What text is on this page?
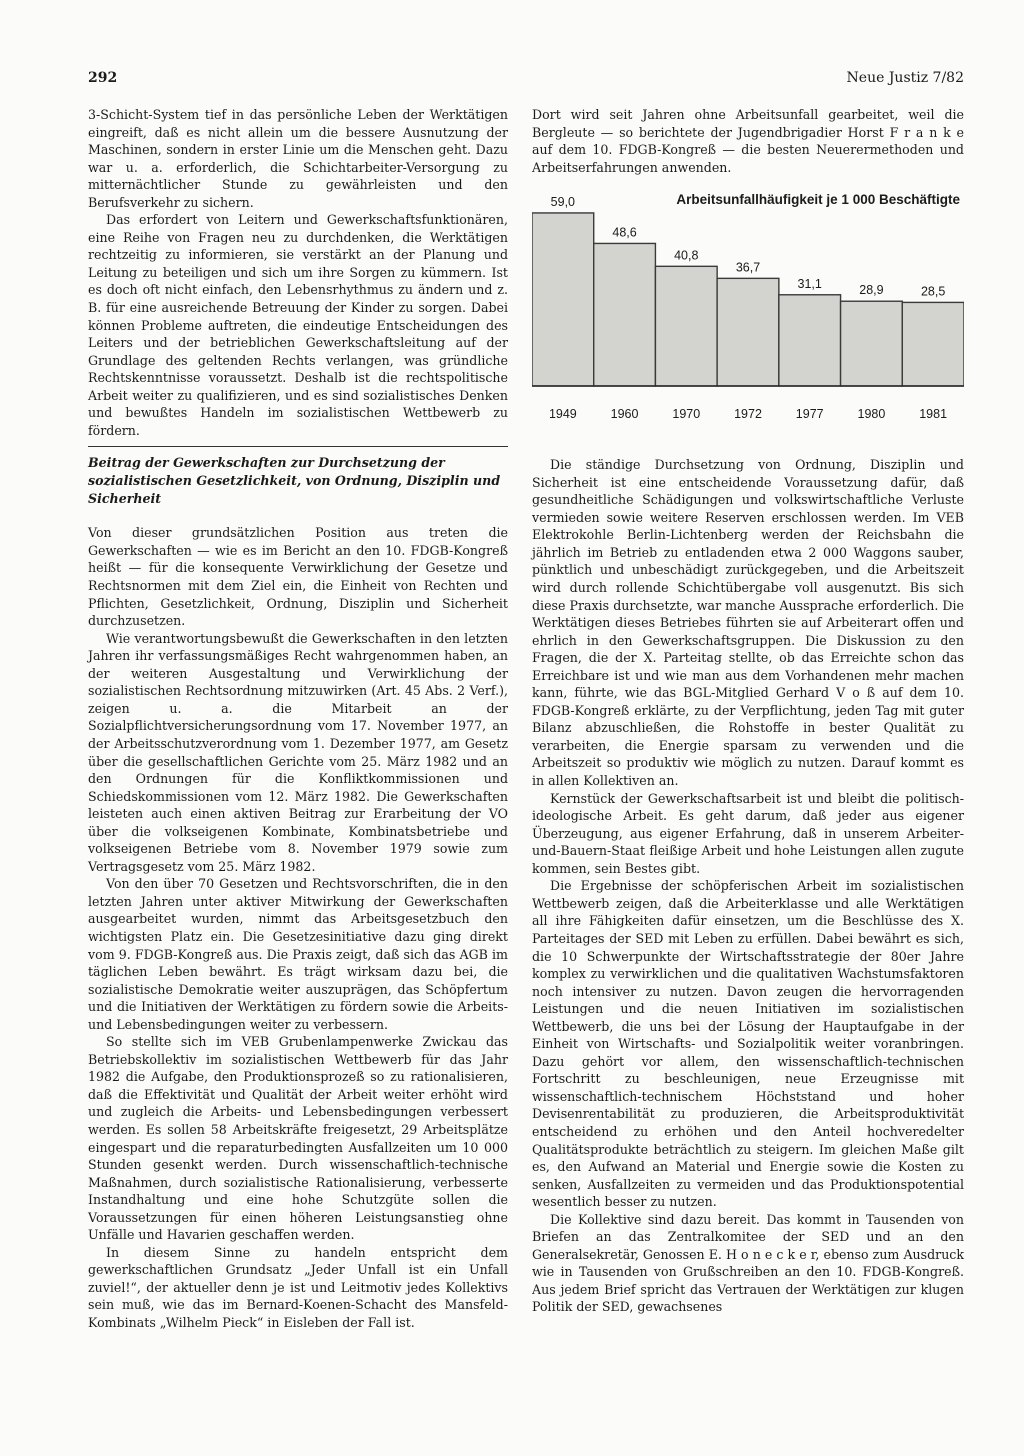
292	Neue Justiz 7/82

3-Schicht-System tief in das persönliche Leben der Werktätigen eingreift, daß es nicht allein um die bessere Ausnutzung der Maschinen, sondern in erster Linie um die Menschen geht. Dazu war u. a. erforderlich, die Schichtarbeiter-Versorgung zu mitternächtlicher Stunde zu gewährleisten und den Berufsverkehr zu sichern.

Das erfordert von Leitern und Gewerkschaftsfunktionären, eine Reihe von Fragen neu zu durchdenken, die Werktätigen rechtzeitig zu informieren, sie verstärkt an der Planung und Leitung zu beteiligen und sich um ihre Sorgen zu kümmern. Ist es doch oft nicht einfach, den Lebensrhythmus zu ändern und z. B. für eine ausreichende Betreuung der Kinder zu sorgen. Dabei können Probleme auftreten, die eindeutige Entscheidungen des Leiters und der betrieblichen Gewerkschaftsleitung auf der Grundlage des geltenden Rechts verlangen, was gründliche Rechtskenntnisse voraussetzt. Deshalb ist die rechtspolitische Arbeit weiter zu qualifizieren, und es sind sozialistisches Denken und bewußtes Handeln im sozialistischen Wettbewerb zu fördern.

Beitrag der Gewerkschaften zur Durchsetzung der sozialistischen Gesetzlichkeit, von Ordnung, Disziplin und Sicherheit

Von dieser grundsätzlichen Position aus treten die Gewerkschaften — wie es im Bericht an den 10. FDGB-Kongreß heißt — für die konsequente Verwirklichung der Gesetze und Rechtsnormen mit dem Ziel ein, die Einheit von Rechten und Pflichten, Gesetzlichkeit, Ordnung, Disziplin und Sicherheit durchzusetzen.

Wie verantwortungsbewußt die Gewerkschaften in den letzten Jahren ihr verfassungsmäßiges Recht wahrgenommen haben, an der weiteren Ausgestaltung und Verwirklichung der sozialistischen Rechtsordnung mitzuwirken (Art. 45 Abs. 2 Verf.), zeigen u. a. die Mitarbeit an der Sozialpflichtversicherungsordnung vom 17. November 1977, an der Arbeitsschutzverordnung vom 1. Dezember 1977, am Gesetz über die gesellschaftlichen Gerichte vom 25. März 1982 und an den Ordnungen für die Konfliktkommissionen und Schiedskommissionen vom 12. März 1982. Die Gewerkschaften leisteten auch einen aktiven Beitrag zur Erarbeitung der VO über die volkseigenen Kombinate, Kombinatsbetriebe und volkseigenen Betriebe vom 8. November 1979 sowie zum Vertragsgesetz vom 25. März 1982.

Von den über 70 Gesetzen und Rechtsvorschriften, die in den letzten Jahren unter aktiver Mitwirkung der Gewerkschaften ausgearbeitet wurden, nimmt das Arbeitsgesetzbuch den wichtigsten Platz ein. Die Gesetzesinitiative dazu ging direkt vom 9. FDGB-Kongreß aus. Die Praxis zeigt, daß sich das AGB im täglichen Leben bewährt. Es trägt wirksam dazu bei, die sozialistische Demokratie weiter auszuprägen, das Schöpfertum und die Initiativen der Werktätigen zu fördern sowie die Arbeits- und Lebensbedingungen weiter zu verbessern.

So stellte sich im VEB Grubenlampenwerke Zwickau das Betriebskollektiv im sozialistischen Wettbewerb für das Jahr 1982 die Aufgabe, den Produktionsprozeß so zu rationalisieren, daß die Effektivität und Qualität der Arbeit weiter erhöht wird und zugleich die Arbeits- und Lebensbedingungen verbessert werden. Es sollen 58 Arbeitskräfte freigesetzt, 29 Arbeitsplätze eingespart und die reparaturbedingten Ausfallzeiten um 10 000 Stunden gesenkt werden. Durch wissenschaftlich-technische Maßnahmen, durch sozialistische Rationalisierung, verbesserte Instandhaltung und eine hohe Schutzgüte sollen die Voraussetzungen für einen höheren Leistungsanstieg ohne Unfälle und Havarien geschaffen werden.

In diesem Sinne zu handeln entspricht dem gewerkschaftlichen Grundsatz „Jeder Unfall ist ein Unfall zuviel!“, der aktueller denn je ist und Leitmotiv jedes Kollektivs sein muß, wie das im Bernard-Koenen-Schacht des Mansfeld-Kombinats „Wilhelm Pieck“ in Eisleben der Fall ist.

Dort wird seit Jahren ohne Arbeitsunfall gearbeitet, weil die Bergleute — so berichtete der Jugendbrigadier Horst F r a n k e auf dem 10. FDGB-Kongreß — die besten Neuerermethoden und Arbeitserfahrungen anwenden.

Arbeitsunfallhäufigkeit je 1 000 Beschäftigte
59,0
1949
48,6
1960
40,8
1970
36,7
1972
31,1
1977
28,9
1980
28,5
1981

Die ständige Durchsetzung von Ordnung, Disziplin und Sicherheit ist eine entscheidende Voraussetzung dafür, daß gesundheitliche Schädigungen und volkswirtschaftliche Verluste vermieden sowie weitere Reserven erschlossen werden. Im VEB Elektrokohle Berlin-Lichtenberg werden der Reichsbahn die jährlich im Betrieb zu entladenden etwa 2 000 Waggons sauber, pünktlich und unbeschädigt zurückgegeben, und die Arbeitszeit wird durch rollende Schichtübergabe voll ausgenutzt. Bis sich diese Praxis durchsetzte, war manche Aussprache erforderlich. Die Werktätigen dieses Betriebes führten sie auf Arbeiterart offen und ehrlich in den Gewerkschaftsgruppen. Die Diskussion zu den Fragen, die der X. Parteitag stellte, ob das Erreichte schon das Erreichbare ist und wie man aus dem Vorhandenen mehr machen kann, führte, wie das BGL-Mitglied Gerhard V o ß auf dem 10. FDGB-Kongreß erklärte, zu der Verpflichtung, jeden Tag mit guter Bilanz abzuschließen, die Rohstoffe in bester Qualität zu verarbeiten, die Energie sparsam zu verwenden und die Arbeitszeit so produktiv wie möglich zu nutzen. Darauf kommt es in allen Kollektiven an.

Kernstück der Gewerkschaftsarbeit ist und bleibt die politisch-ideologische Arbeit. Es geht darum, daß jeder aus eigener Überzeugung, aus eigener Erfahrung, daß in unserem Arbeiter-und-Bauern-Staat fleißige Arbeit und hohe Leistungen allen zugute kommen, sein Bestes gibt.

Die Ergebnisse der schöpferischen Arbeit im sozialistischen Wettbewerb zeigen, daß die Arbeiterklasse und alle Werktätigen all ihre Fähigkeiten dafür einsetzen, um die Beschlüsse des X. Parteitages der SED mit Leben zu erfüllen. Dabei bewährt es sich, die 10 Schwerpunkte der Wirtschaftsstrategie der 80er Jahre komplex zu verwirklichen und die qualitativen Wachstumsfaktoren noch intensiver zu nutzen. Davon zeugen die hervorragenden Leistungen und die neuen Initiativen im sozialistischen Wettbewerb, die uns bei der Lösung der Hauptaufgabe in der Einheit von Wirtschafts- und Sozialpolitik weiter voranbringen. Dazu gehört vor allem, den wissenschaftlich-technischen Fortschritt zu beschleunigen, neue Erzeugnisse mit wissenschaftlich-technischem Höchststand und hoher Devisenrentabilität zu produzieren, die Arbeitsproduktivität entscheidend zu erhöhen und den Anteil hochveredelter Qualitätsprodukte beträchtlich zu steigern. Im gleichen Maße gilt es, den Aufwand an Material und Energie sowie die Kosten zu senken, Ausfallzeiten zu vermeiden und das Produktionspotential wesentlich besser zu nutzen.

Die Kollektive sind dazu bereit. Das kommt in Tausenden von Briefen an das Zentralkomitee der SED und an den Generalsekretär, Genossen E. H o n e c k e r, ebenso zum Ausdruck wie in Tausenden von Grußschreiben an den 10. FDGB-Kongreß. Aus jedem Brief spricht das Vertrauen der Werktätigen zur klugen Politik der SED, gewachsenes
